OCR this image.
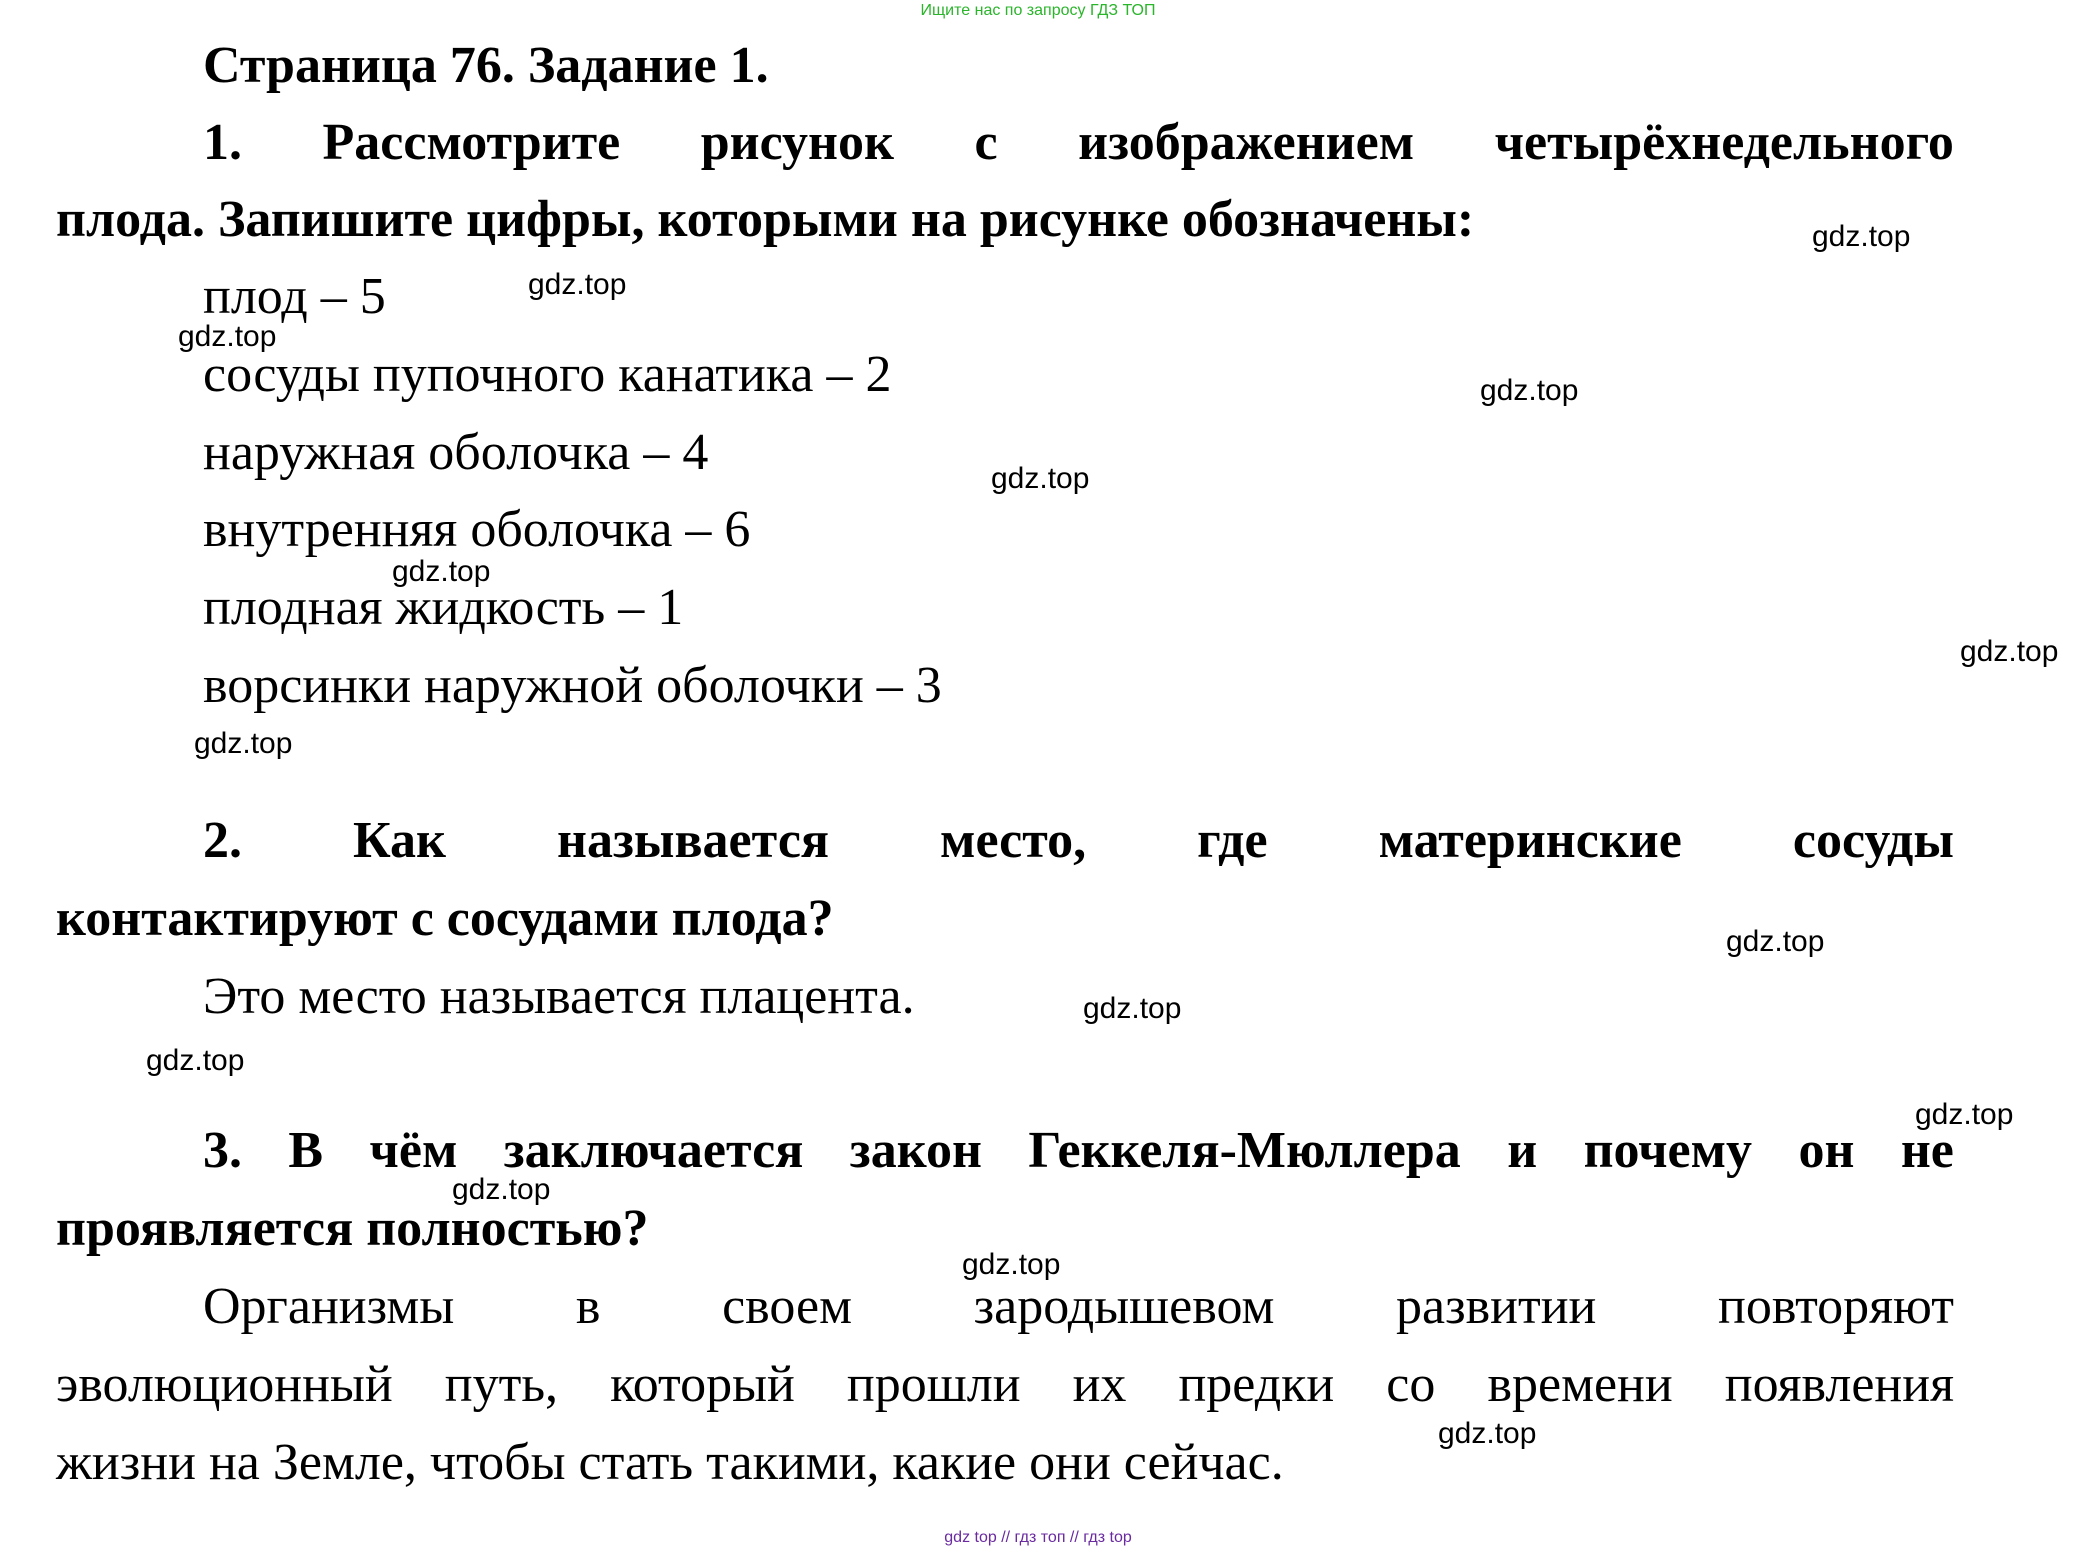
Ищите нас по запросу ГДЗ ТОП
Страница 76. Задание 1.
1. Рассмотрите рисунок с изображением четырёхнедельного
плода. Запишите цифры, которыми на рисунке обозначены:
плод – 5
сосуды пупочного канатика – 2
наружная оболочка – 4
внутренняя оболочка – 6
плодная жидкость – 1
ворсинки наружной оболочки – 3
2. Как называется место, где материнские сосуды
контактируют с сосудами плода?
Это место называется плацента.
3. В чём заключается закон Геккеля-Мюллера и почему он не
проявляется полностью?
Организмы в своем зародышевом развитии повторяют
эволюционный путь, который прошли их предки со времени появления
жизни на Земле, чтобы стать такими, какие они сейчас.
gdz.top
gdz.top
gdz.top
gdz.top
gdz.top
gdz.top
gdz.top
gdz.top
gdz.top
gdz.top
gdz.top
gdz.top
gdz.top
gdz.top
gdz.top
gdz top // гдз топ // гдз top
